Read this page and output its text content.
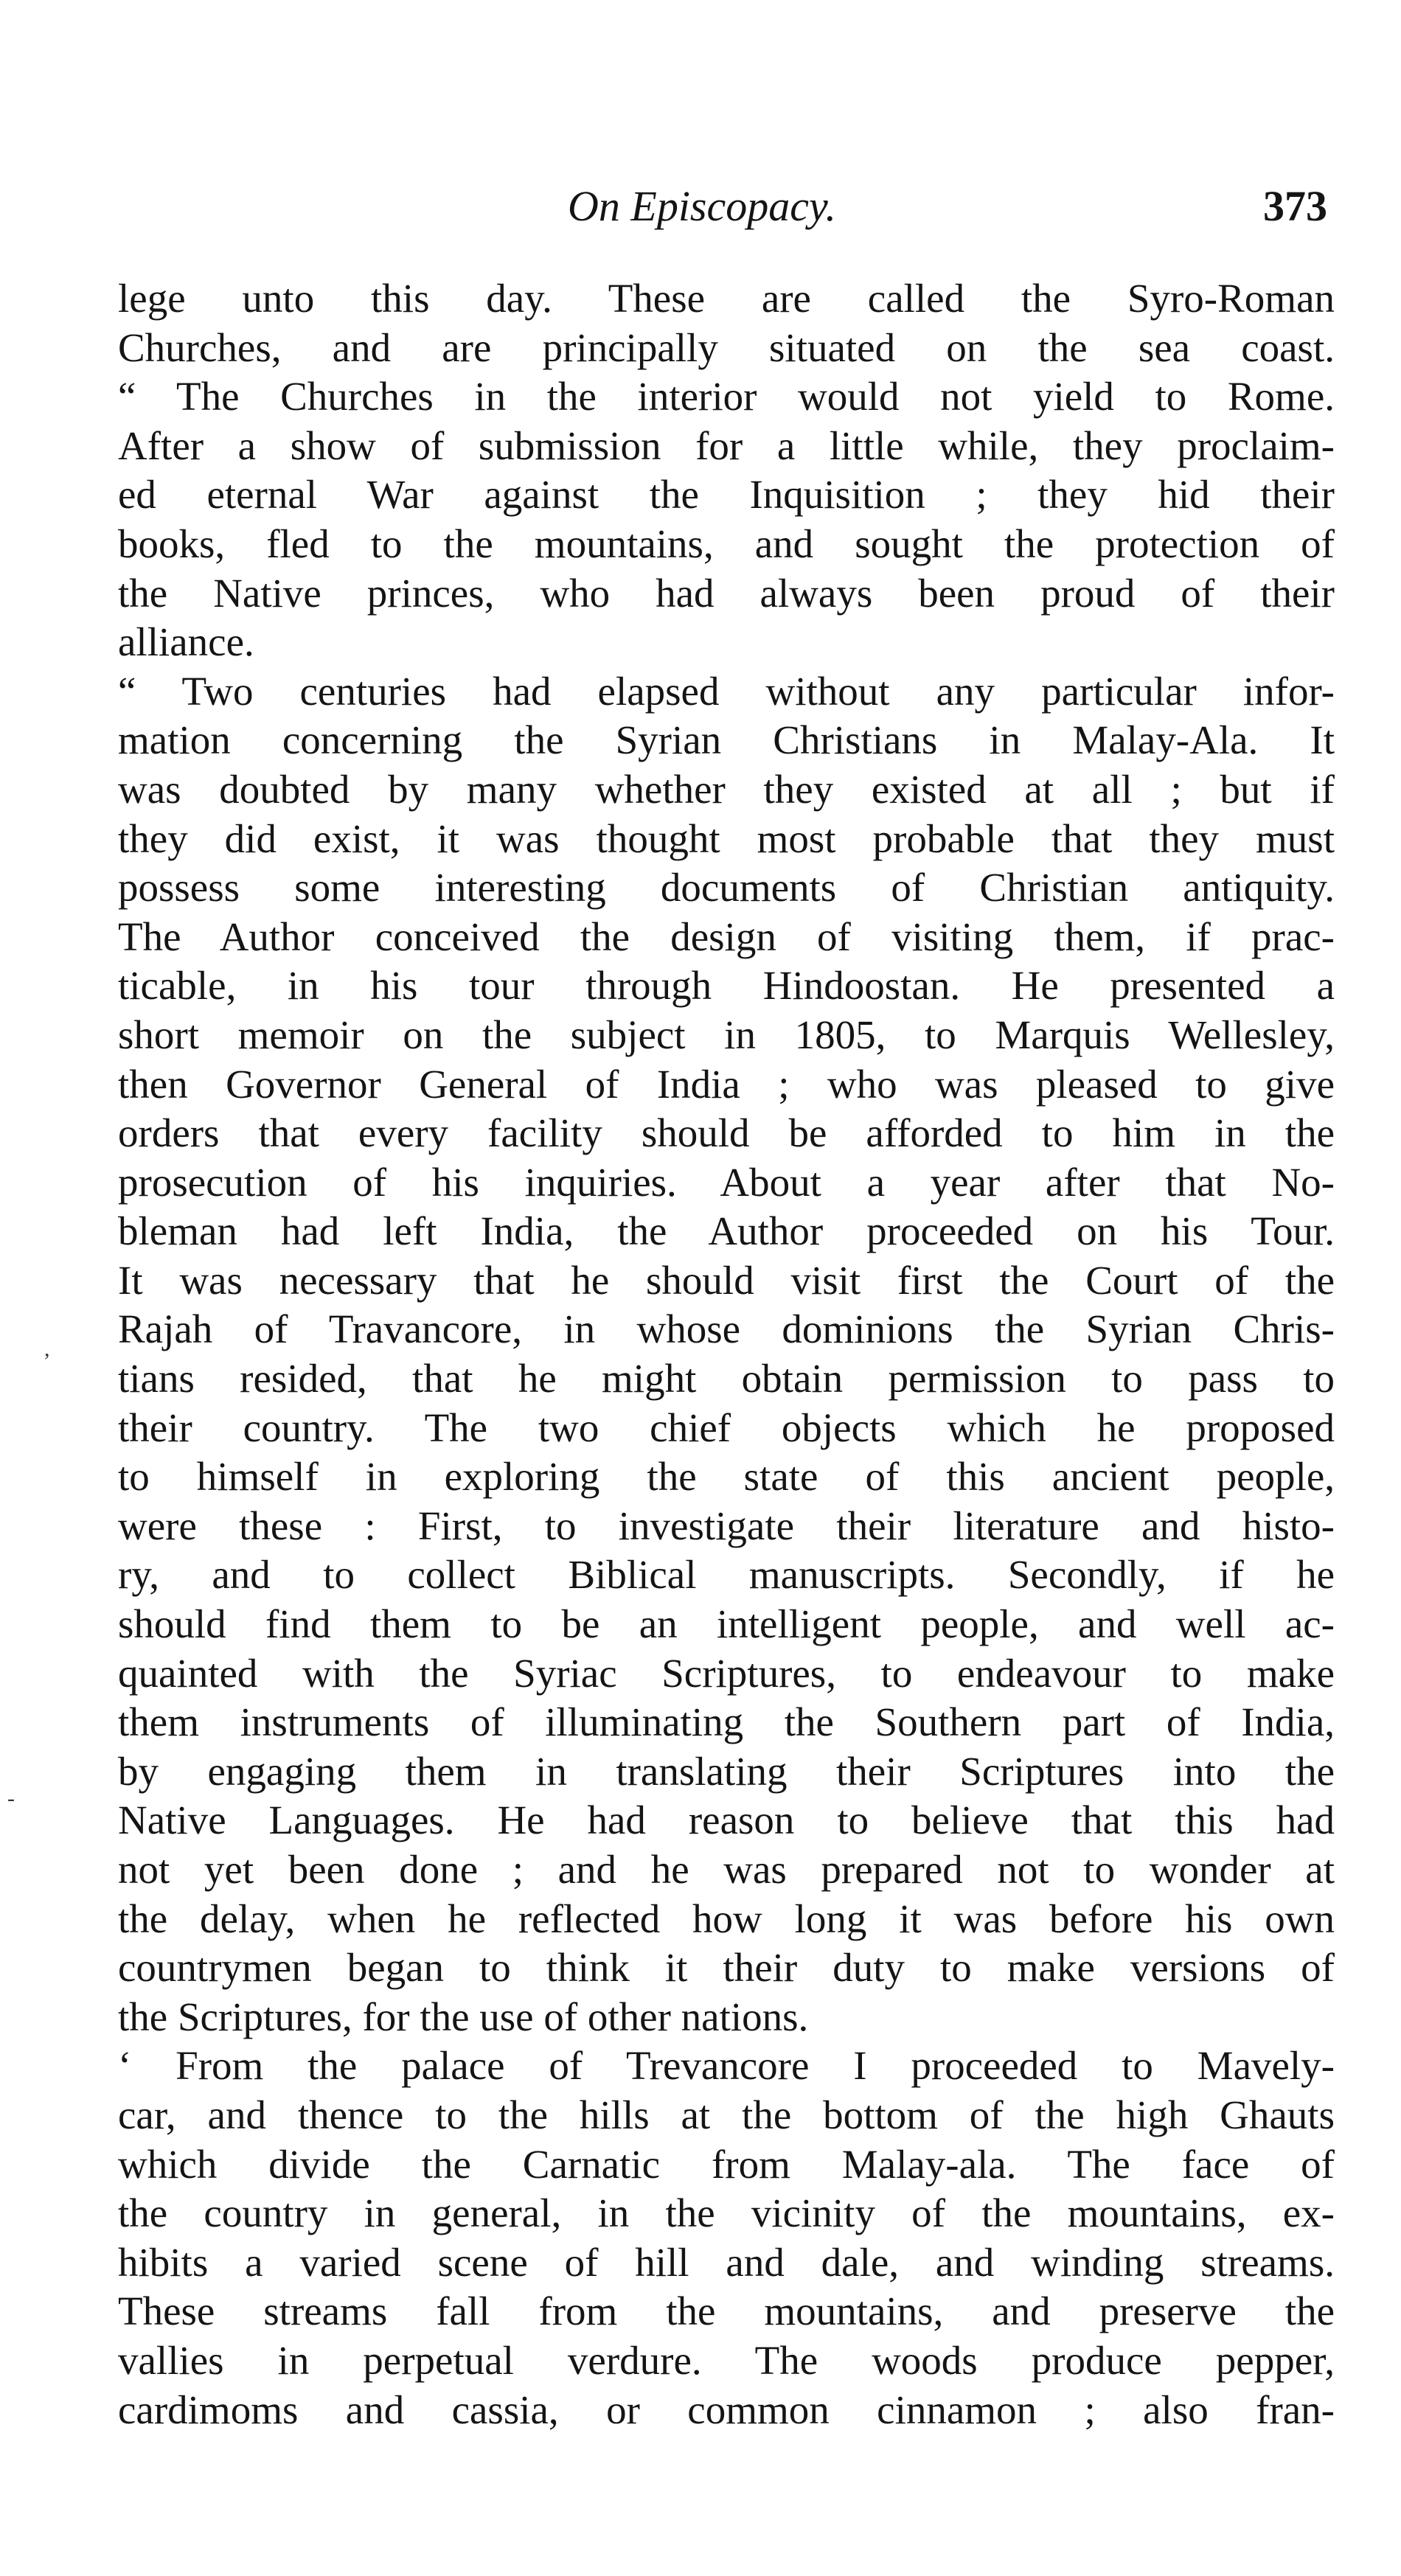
On Episcopacy.	373
lege unto this day. These are called the Syro-Roman
Churches, and are principally situated on the sea coast.
“ The Churches in the interior would not yield to Rome.
After a show of submission for a little while, they proclaim-
ed eternal War against the Inquisition ; they hid their
books, fled to the mountains, and sought the protection of
the Native princes, who had always been proud of their
alliance.
“ Two centuries had elapsed without any particular infor-
mation concerning the Syrian Christians in Malay-Ala. It
was doubted by many whether they existed at all ; but if
they did exist, it was thought most probable that they must
possess some interesting documents of Christian antiquity.
The Author conceived the design of visiting them, if prac-
ticable, in his tour through Hindoostan. He presented a
short memoir on the subject in 1805, to Marquis Wellesley,
then Governor General of India ; who was pleased to give
orders that every facility should be afforded to him in the
prosecution of his inquiries. About a year after that No-
bleman had left India, the Author proceeded on his Tour.
It was necessary that he should visit first the Court of the
Rajah of Travancore, in whose dominions the Syrian Chris-
tians resided, that he might obtain permission to pass to
their country. The two chief objects which he proposed
to himself in exploring the state of this ancient people,
were these : First, to investigate their literature and histo-
ry, and to collect Biblical manuscripts. Secondly, if he
should find them to be an intelligent people, and well ac-
quainted with the Syriac Scriptures, to endeavour to make
them instruments of illuminating the Southern part of India,
by engaging them in translating their Scriptures into the
Native Languages. He had reason to believe that this had
not yet been done ; and he was prepared not to wonder at
the delay, when he reflected how long it was before his own
countrymen began to think it their duty to make versions of
the Scriptures, for the use of other nations.
‘ From the palace of Trevancore I proceeded to Mavely-
car, and thence to the hills at the bottom of the high Ghauts
which divide the Carnatic from Malay-ala. The face of
the country in general, in the vicinity of the mountains, ex-
hibits a varied scene of hill and dale, and winding streams.
These streams fall from the mountains, and preserve the
vallies in perpetual verdure. The woods produce pepper,
cardimoms and cassia, or common cinnamon ; also fran-
,
-
